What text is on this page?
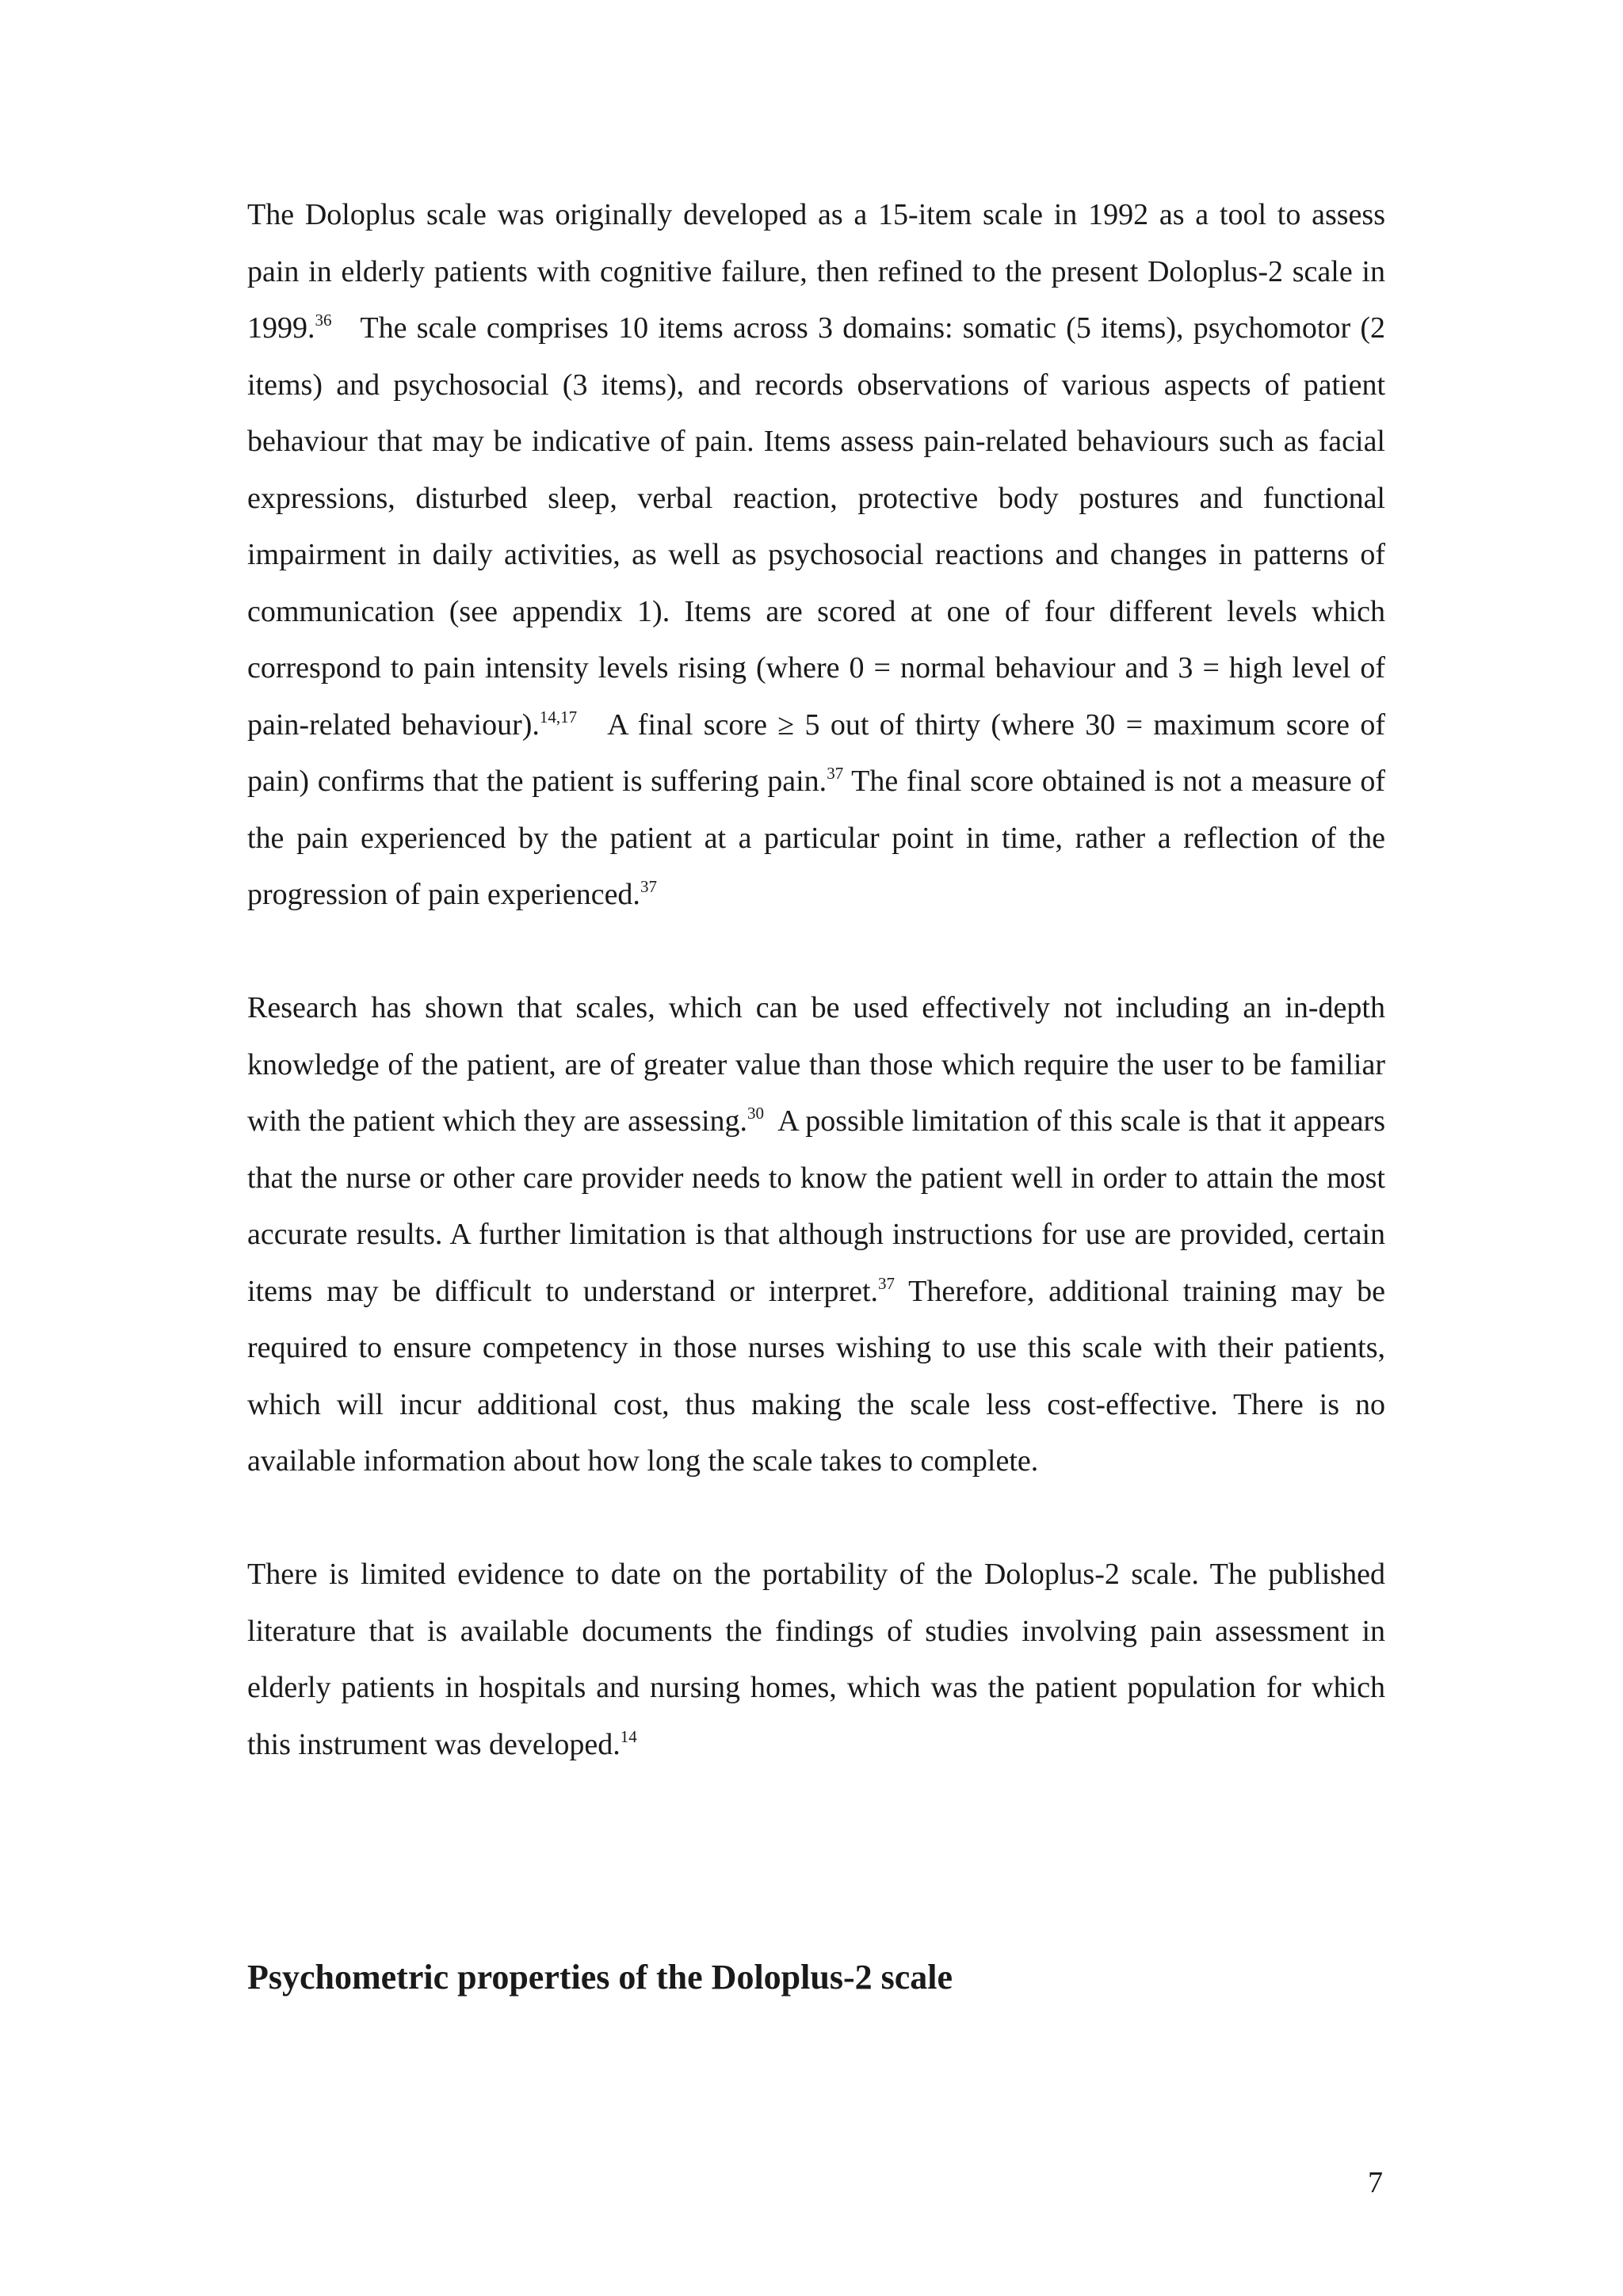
The Doloplus scale was originally developed as a 15-item scale in 1992 as a tool to assess pain in elderly patients with cognitive failure, then refined to the present Doloplus-2 scale in 1999.36   The scale comprises 10 items across 3 domains: somatic (5 items), psychomotor (2 items) and psychosocial (3 items), and records observations of various aspects of patient behaviour that may be indicative of pain. Items assess pain-related behaviours such as facial expressions, disturbed sleep, verbal reaction, protective body postures and functional impairment in daily activities, as well as psychosocial reactions and changes in patterns of communication (see appendix 1). Items are scored at one of four different levels which correspond to pain intensity levels rising (where 0 = normal behaviour and 3 = high level of pain-related behaviour).$^{14,17}$   A final score ≥ 5 out of thirty (where 30 = maximum score of pain) confirms that the patient is suffering pain.$^{37}$ The final score obtained is not a measure of the pain experienced by the patient at a particular point in time, rather a reflection of the progression of pain experienced.$^{37}$

Research has shown that scales, which can be used effectively not including an in-depth knowledge of the patient, are of greater value than those which require the user to be familiar with the patient which they are assessing.$^{30}$  A possible limitation of this scale is that it appears that the nurse or other care provider needs to know the patient well in order to attain the most accurate results. A further limitation is that although instructions for use are provided, certain items may be difficult to understand or interpret.$^{37}$ Therefore, additional training may be required to ensure competency in those nurses wishing to use this scale with their patients, which will incur additional cost, thus making the scale less cost-effective. There is no available information about how long the scale takes to complete.

There is limited evidence to date on the portability of the Doloplus-2 scale. The published literature that is available documents the findings of studies involving pain assessment in elderly patients in hospitals and nursing homes, which was the patient population for which this instrument was developed.$^{14}$

Psychometric properties of the Doloplus-2 scale
7
